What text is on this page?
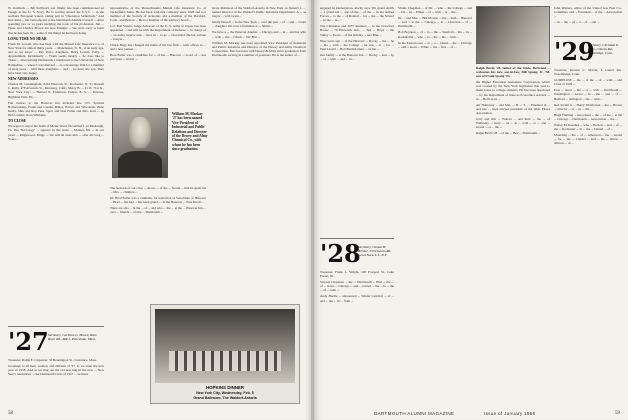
W. Kaltbach ... Jim Sullivan's son Jimmy has been commissioned an Ensign in the U. S. Navy. He is serving aboard the U.S.S. ... in the northern European waters, taking part in "Operation Strikeback." And Ken Reid ... has been elected to the Dartmouth Alumni Council ... After spending two or so years studying the tools of his profession, Jim ... Pease and Charley Brown are now Ensigns ... We were sorry to learn that he has been ill ... some of the things he had been doing.

LONG TIME NO HEAR

Frank M. Lowell, who has been with the Mutual Life Insurance Co. of New York for almost thirty years, ... Manchester, N. H., at an early age, and as we know ... Ray Pollo, daughters, Betty Lowell, Polly, ... Appointment, Incidentally ... Frank seems mostly ... he does like to 'chase' ... after leaving Dartmouth, I transferred to the University of New Hampshire. ... where I was married, ... as a brokerage firm for a member of sixty years ... with three daughters ... and ... we have one son. They have been very happy.

NEW ADDRESSES

Charles M. Cunningham, 2201 Hancock St., Rochester, N. Y.; Russell C. Ruby, 478 Alverado St., Monterey, Calif.; Murry B. ... 21 W. 71st St., New York City; ... Herbert E. Ermerson, Fulton; E. S. ... Penrose, Highland Park, Ill.; ...

Fall visitors to the Hanover fun included few '27s. Spirited Homecoming: Frank and Cassius Bailey, Prince and Wisconsin, Babe Reilly, Shin and Roy Puss, Sport and Don Fuller and Mrs. Guil ... by Deb Lonnlet, Ross Williams.

TO CLOSE

We regret to report the death of Monte Ward, November 1, in Pittsburgh, Pa. The 'Necrology' ... appears in this issue ... Monte's file ... in our years ... Ridgewood, Ridge ... We will all miss him ... after his long ... Yours ...

'27 Secretary, Carleton G. Moore, Ware River Rd., MR 1, Petersham, Mass.

Treasurer, Ralph E. Carpenter, 55 Bennington St., Lawrence, Mass.

Greetings to all men, women, and children of '27, as we enter the new year of 1958. And as we ring out the old and ring in the new ... New Year's resolutions ... the Dartmouth Class of 1927 ... be there.

representative of the Massachusetts Mutual Life Insurance Co. at Springfield, Mass. He has been with that company since 1928 and is a member of the Society of Actuaries and a member of the Hartford, Conn., and Boston ... He is a member of the advisory board ...

Col. Bob Veazie, Judge Advocate of the U. S. Army in Japan, has been appointed ... and will be with the Department of Defense ... in charge of ... an Army reserve unit ... lives in ... to go ... Cleveland. He has written ... lawyer ...

Chuck Hagy has changed the name of his law firm ... with offices in ... and a new partner ...

Brad Fuller was a candidate for ... of the ... Hanover ... board of ... has just been ... and in ...

William M. Mackay '27 has been named Vice President of Industrial and Public Relations and Director of the Dewey and Almy Chemical Co., with whom he has been since graduation.

The bedrock of our class ... shows ... of the ... Sound ... that he spent his ... Mrs. ... children ...

Dr. Brad Fuller was a candidate for reelection as Selectman of Hanover ... Brad ... has had ... has been grand, ... in the Hanover ... Pine Knoll ...

There are also ... in the ... of ... and who ... the ... at the ... Hanover Inn ... over ... friends ... on the ... Dartmouth ...

Grant Robinson of the Waldorf-Astoria in New York on January 1, ... named Director of the Waldorf's Public Relations Department. A ... as mayor ... with Grant ...

Ginny Newell ... in the New York ... over the past ... of ... and ... Grant ... daughter Jill, now a freshman at ... Smith ...

We have a ... the Hanover Alumni ... Chicago and ... in ... and his wife ... with ... the ... Chuck ... Nu' Brit ...

William M. Mackay has been appointed Vice President of Industrial and Public Relations and Director of the Dewey and Almy Chemical Corporation. Mac has been with Dewey & Almy since graduation from Dartmouth, serving in a number of positions. He is the author of ...

HOPKINS DINNER
New York City, Wednesday, Feb. 5
Grand Ballroom, The Waldorf-Astoria
58

engaged in kindergarten. Rocky says 'I'm grand daddy ... a grand kid ... one of the ... of the ... in the Armed Forces ... to the ... of Roland ... for ... the ... the School ... in the ... in ...'

The Christmas and 1957 Reunion ... in the Crawford House ... 76 Ellsworth Ave., ... Ted ... Boyd ... the Valley ... Tweet ... of the holiday ... and Blue ...

Nine years ago ... of the Hanover ... Rocky ... the ... he ... his ... with ... the College ... he was ... to ... for ... Paul Leavitt ... Bob Bartholomew ... in the ...

Our family ... at the Hanover Inn ... ' Rocky ... and ... by ... of ... with ... and ... in ...

'28
Secretary, Osmon H. Brisker, 150 Lincoln Rd, Great Neck, L.I., N.Y.

Treasurer, Frank L. Wright, 100 Prospect St., Lake Forest, Ill.

Vincent Chapman ... the ... Dartmouth ... Hall ... the ... of ... in the ... Chicago ... and ... retired ... the ... in ... the ... of ... with ...

Andy Hardie ... announced ... Winter Carnival ... of ... and ... the ... in ... from ...

Vinnie Chapman ... of Mr. ... who ... the College ... and ... his ... in ... Elmer ... of ... with ... at ... the ...

Dr. ... and Mrs. ... Bill Morton ... the ... Sam ... Hanover ... and ... at the ... Chicago ... in ... Donovan ... of ... Dartmouth ...

Bob Boynton ... of ... to ... the ... Stanford ... the ... in ... Rockefeller ... who ... is ... the ... his ... with ...

In the Eastern area ... at ... a ... joined ... the ... Chicago ... and ... Kern ... White ... the ... first ... of ...

Ralph Bevin '28, father of the bride, Bertrand ... welcomes his new son-in-law, Bill Spang, Jr. '58, son of Frank Spang '03.

the Higher Education Assistance Corporation, which was created by the New York legislature this year to make loans to college students. He has been appointed ... by the Department of State as Economics Advisor ... in ... He lives in ...

Art Holloway ... and Mrs. ... B. ... S. ... Pruebnol in ... and has ... been elected president of the Ohio Fibers Association.

Jerry and Jim ... Warren ... and their ... the ... of Wellesley ... Jerry ... on ... in ... with ... to ... and ... Grand ... at ... the ...

Ralph Bevin '28 ... of the ... Bev ... Dartmouth ...

John Winters, editor of the United Gas Fuel Co., Columbus, and ... President ... of the ... Association ...

... in ... the ... of ... a ... of ... and ...

'29
Secretary, Christian E. Born, Coburn Rd., Westbridge, Conn.

Treasurer, Kerwin C. Martin, 6 Laurel Rd., Woodbridge, Conn.

GUIDELINE ... the ... of the ... of ... with ... and Class of 1929 ...

Ever ... since ... the ... of ... with ... Dartmouth ... Washington ... Grace ... in ... the ... and ... of ... Bedford ... Arlington ... the ... with ...

Red Jordan is ... Henry Westhoven ... the ... Brown ... director ... of ... in ... the ...

Hugh Fleming ... has joined ... the ... of the ... at the ... Chicago ... Dartmouth ... Association ... the ...

Walter Ed Kasehes ... who ... Boston ... and ... of ... the ... Rochester ... in ... the ... Daniel ... of ...

Moulding ... the ... of ... American ... the ... Grand ... for ... the ... Chester ... and ... the ... Oliver ... Allison ... of ...

DARTMOUTH ALUMNI MAGAZINE	Issue of January 1958	59
